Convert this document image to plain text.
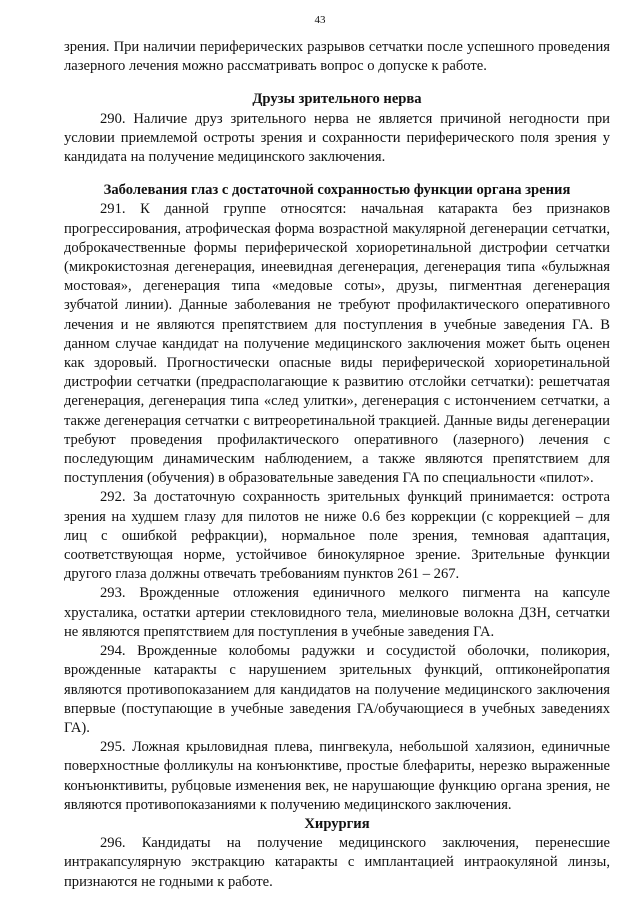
43

зрения. При наличии периферических разрывов сетчатки после успешного проведения лазерного лечения можно рассматривать вопрос о допуске к работе.

Друзы зрительного нерва

290. Наличие друз зрительного нерва не является причиной негодности при условии приемлемой остроты зрения и сохранности периферического поля зрения у кандидата на получение медицинского заключения.

Заболевания глаз с достаточной сохранностью функции органа зрения

291. К данной группе относятся: начальная катаракта без признаков прогрессирования, атрофическая форма возрастной макулярной дегенерации сетчатки, доброкачественные формы периферической хориоретинальной дистрофии сетчатки (микрокистозная дегенерация, инеевидная дегенерация, дегенерация типа «булыжная мостовая», дегенерация типа «медовые соты», друзы, пигментная дегенерация зубчатой линии). Данные заболевания не требуют профилактического оперативного лечения и не являются препятствием для поступления в учебные заведения ГА. В данном случае кандидат на получение медицинского заключения может быть оценен как здоровый. Прогностически опасные виды периферической хориоретинальной дистрофии сетчатки (предрасполагающие к развитию отслойки сетчатки): решетчатая дегенерация, дегенерация типа «след улитки», дегенерация с истончением сетчатки, а также дегенерация сетчатки с витреоретинальной тракцией. Данные виды дегенерации требуют проведения профилактического оперативного (лазерного) лечения с последующим динамическим наблюдением, а также являются препятствием для поступления (обучения) в образовательные заведения ГА по специальности «пилот».

292. За достаточную сохранность зрительных функций принимается: острота зрения на худшем глазу для пилотов не ниже 0.6 без коррекции (с коррекцией – для лиц с ошибкой рефракции), нормальное поле зрения, темновая адаптация, соответствующая норме, устойчивое бинокулярное зрение. Зрительные функции другого глаза должны отвечать требованиям пунктов 261 – 267.

293. Врожденные отложения единичного мелкого пигмента на капсуле хрусталика, остатки артерии стекловидного тела, миелиновые волокна ДЗН, сетчатки не являются препятствием для поступления в учебные заведения ГА.

294. Врожденные колобомы радужки и сосудистой оболочки, поликория, врожденные катаракты с нарушением зрительных функций, оптиконейропатия являются противопоказанием для кандидатов на получение медицинского заключения впервые (поступающие в учебные заведения ГА/обучающиеся в учебных заведениях ГА).

295. Ложная крыловидная плева, пингвекула, небольшой халязион, единичные поверхностные фолликулы на конъюнктиве, простые блефариты, нерезко выраженные конъюнктивиты, рубцовые изменения век, не нарушающие функцию органа зрения, не являются противопоказаниями к получению медицинского заключения.

Хирургия

296. Кандидаты на получение медицинского заключения, перенесшие интракапсулярную экстракцию катаракты с имплантацией интраокуляной линзы, признаются не годными к работе.
